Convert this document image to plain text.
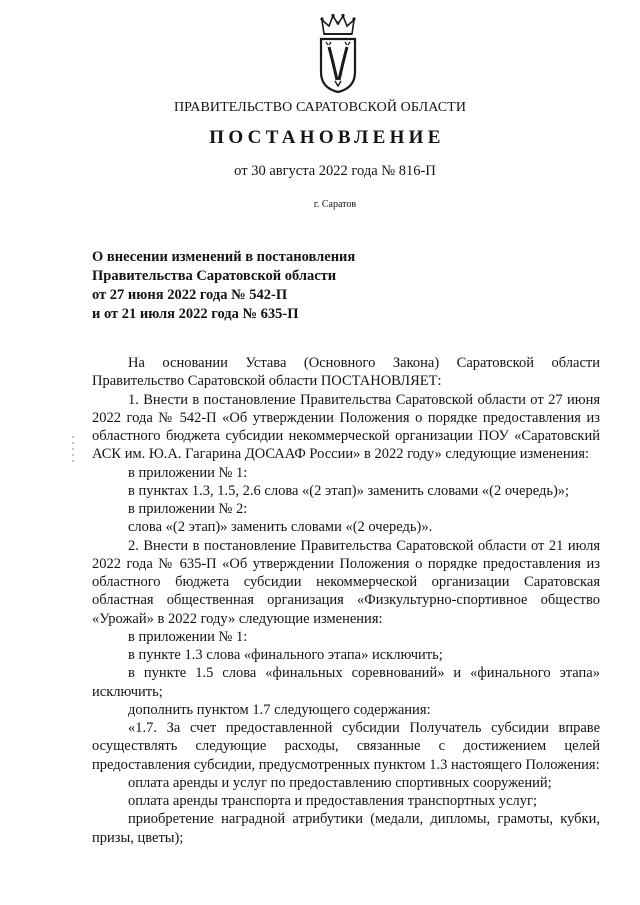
ПРАВИТЕЛЬСТВО САРАТОВСКОЙ ОБЛАСТИ
ПОСТАНОВЛЕНИЕ
от 30 августа 2022 года № 816-П
г. Саратов
О внесении изменений в постановления
Правительства Саратовской области
от 27 июня 2022 года № 542-П
и от 21 июля 2022 года № 635-П

На основании Устава (Основного Закона) Саратовской области Правительство Саратовской области ПОСТАНОВЛЯЕТ:

1. Внести в постановление Правительства Саратовской области от 27 июня 2022 года № 542-П «Об утверждении Положения о порядке предоставления из областного бюджета субсидии некоммерческой организации ПОУ «Саратовский АСК им. Ю.А. Гагарина ДОСААФ России» в 2022 году» следующие изменения:

в приложении № 1:

в пунктах 1.3, 1.5, 2.6 слова «(2 этап)» заменить словами «(2 очередь)»;

в приложении № 2:

слова «(2 этап)» заменить словами «(2 очередь)».

2. Внести в постановление Правительства Саратовской области от 21 июля 2022 года № 635-П «Об утверждении Положения о порядке предоставления из областного бюджета субсидии некоммерческой организации Саратовская областная общественная организация «Физкультурно-спортивное общество «Урожай» в 2022 году» следующие изменения:

в приложении № 1:

в пункте 1.3 слова «финального этапа» исключить;

в пункте 1.5 слова «финальных соревнований» и «финального этапа» исключить;

дополнить пунктом 1.7 следующего содержания:

«1.7. За счет предоставленной субсидии Получатель субсидии вправе осуществлять следующие расходы, связанные с достижением целей предоставления субсидии, предусмотренных пунктом 1.3 настоящего Положения:

оплата аренды и услуг по предоставлению спортивных сооружений;

оплата аренды транспорта и предоставления транспортных услуг;

приобретение наградной атрибутики (медали, дипломы, грамоты, кубки, призы, цветы);
